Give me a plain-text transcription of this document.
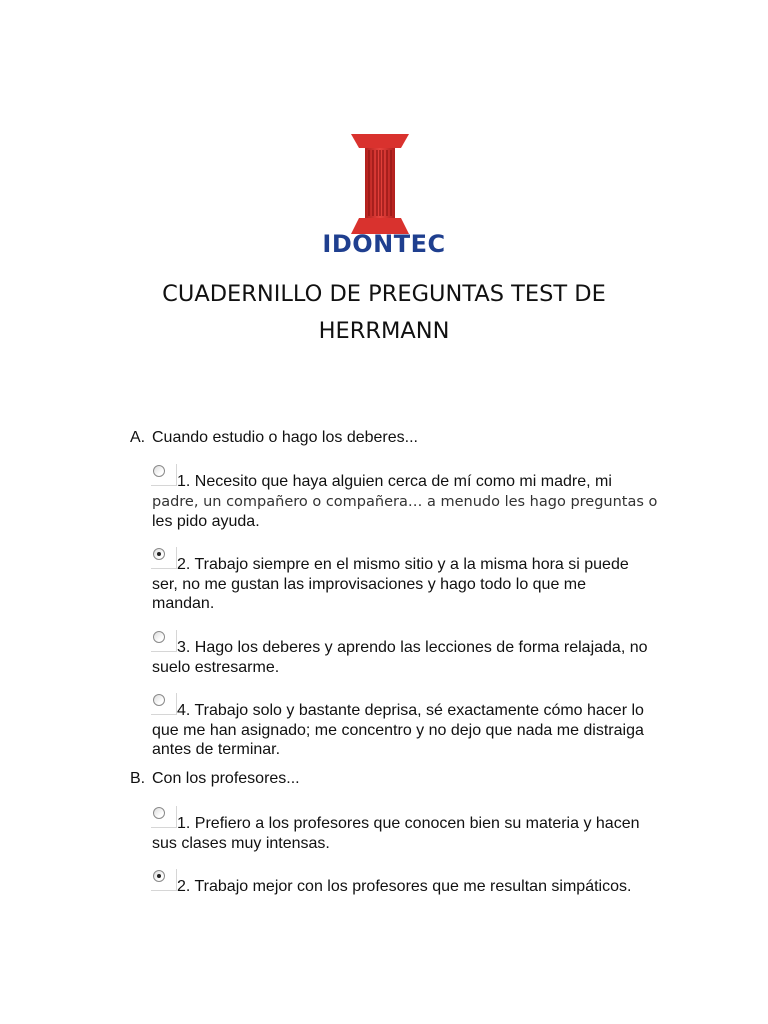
IDONTEC
CUADERNILLO DE PREGUNTAS TEST DE HERRMANN
A. Cuando estudio o hago los deberes...
1. Necesito que haya alguien cerca de mí como mi madre, mi
padre, un compañero o compañera… a menudo les hago preguntas o
les pido ayuda.
2. Trabajo siempre en el mismo sitio y a la misma hora si puede
ser, no me gustan las improvisaciones y hago todo lo que me
mandan.
3. Hago los deberes y aprendo las lecciones de forma relajada, no
suelo estresarme.
4. Trabajo solo y bastante deprisa, sé exactamente cómo hacer lo
que me han asignado; me concentro y no dejo que nada me distraiga
antes de terminar.
B. Con los profesores...
1. Prefiero a los profesores que conocen bien su materia y hacen
sus clases muy intensas.
2. Trabajo mejor con los profesores que me resultan simpáticos.
